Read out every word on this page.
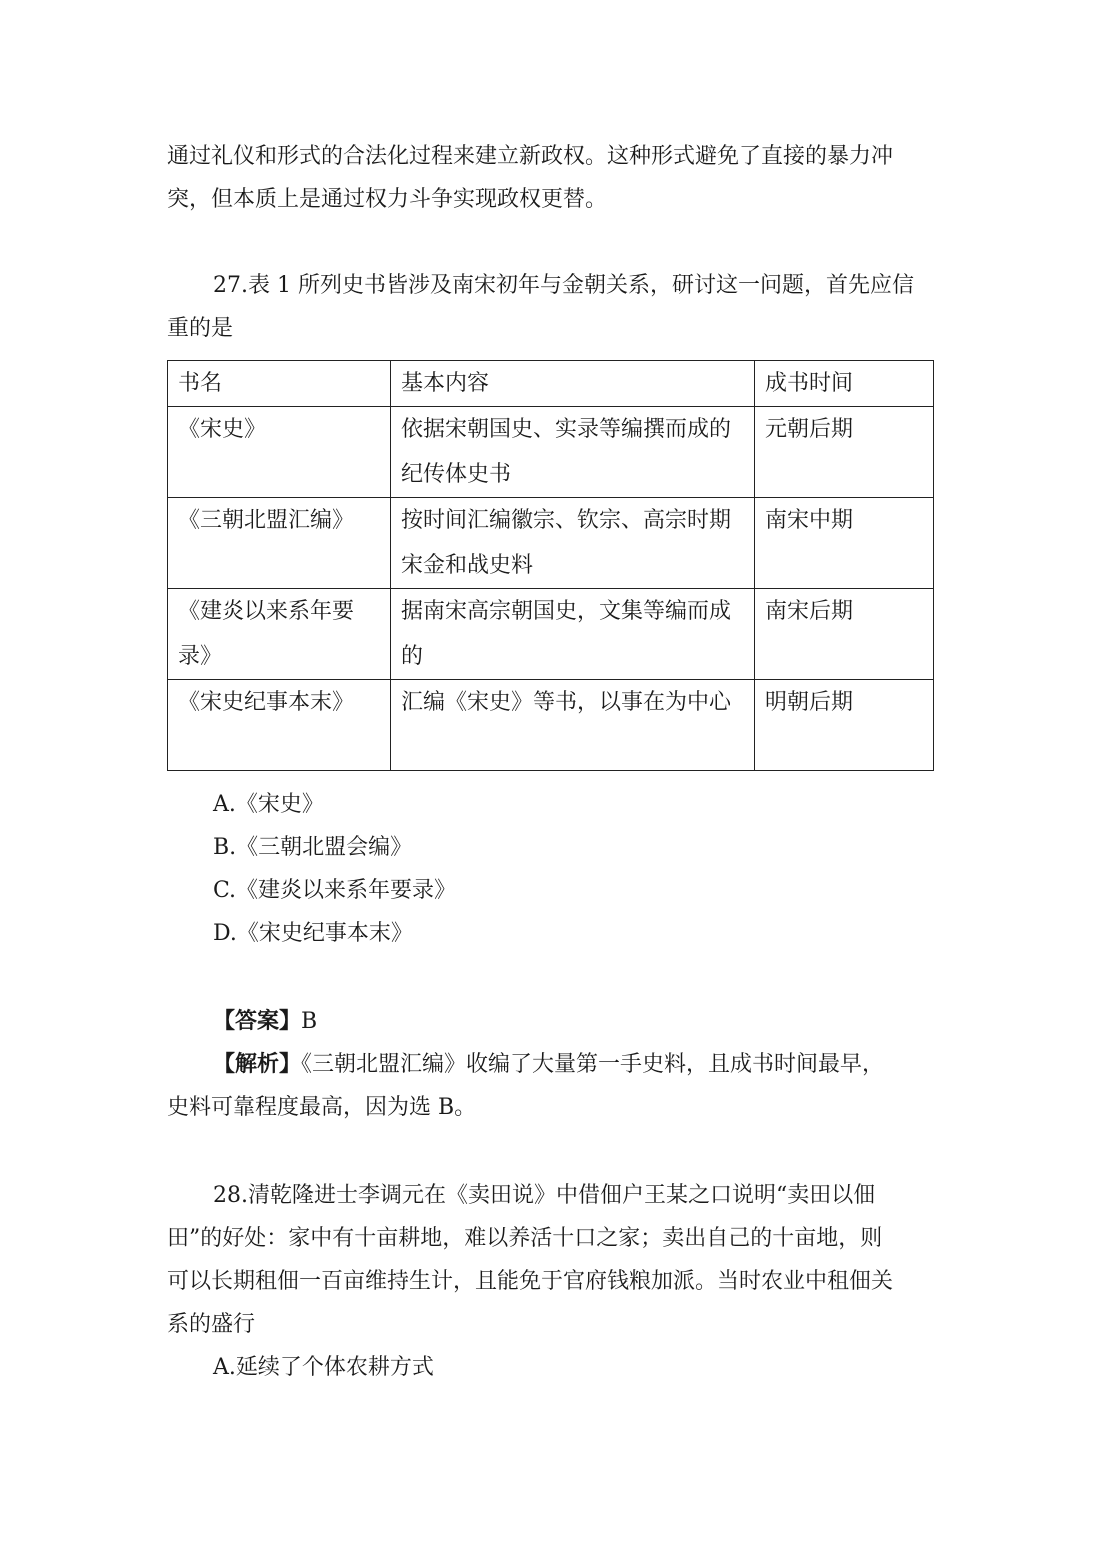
通过礼仪和形式的合法化过程来建立新政权。这种形式避免了直接的暴力冲

突，但本质上是通过权力斗争实现政权更替。

27.表 1 所列史书皆涉及南宋初年与金朝关系，研讨这一问题，首先应信

重的是

书名	基本内容	成书时间
《宋史》	依据宋朝国史、实录等编撰而成的纪传体史书	元朝后期
《三朝北盟汇编》	按时间汇编徽宗、钦宗、高宗时期宋金和战史料	南宋中期
《建炎以来系年要录》	据南宋高宗朝国史，文集等编而成的	南宋后期
《宋史纪事本末》	汇编《宋史》等书，以事在为中心	明朝后期

A.《宋史》

B.《三朝北盟会编》

C.《建炎以来系年要录》

D.《宋史纪事本末》

【答案】B

【解析】《三朝北盟汇编》收编了大量第一手史料，且成书时间最早，

史料可靠程度最高，因为选 B。

28.清乾隆进士李调元在《卖田说》中借佃户王某之口说明“卖田以佃

田”的好处：家中有十亩耕地，难以养活十口之家；卖出自己的十亩地，则

可以长期租佃一百亩维持生计，且能免于官府钱粮加派。当时农业中租佃关

系的盛行

A.延续了个体农耕方式
